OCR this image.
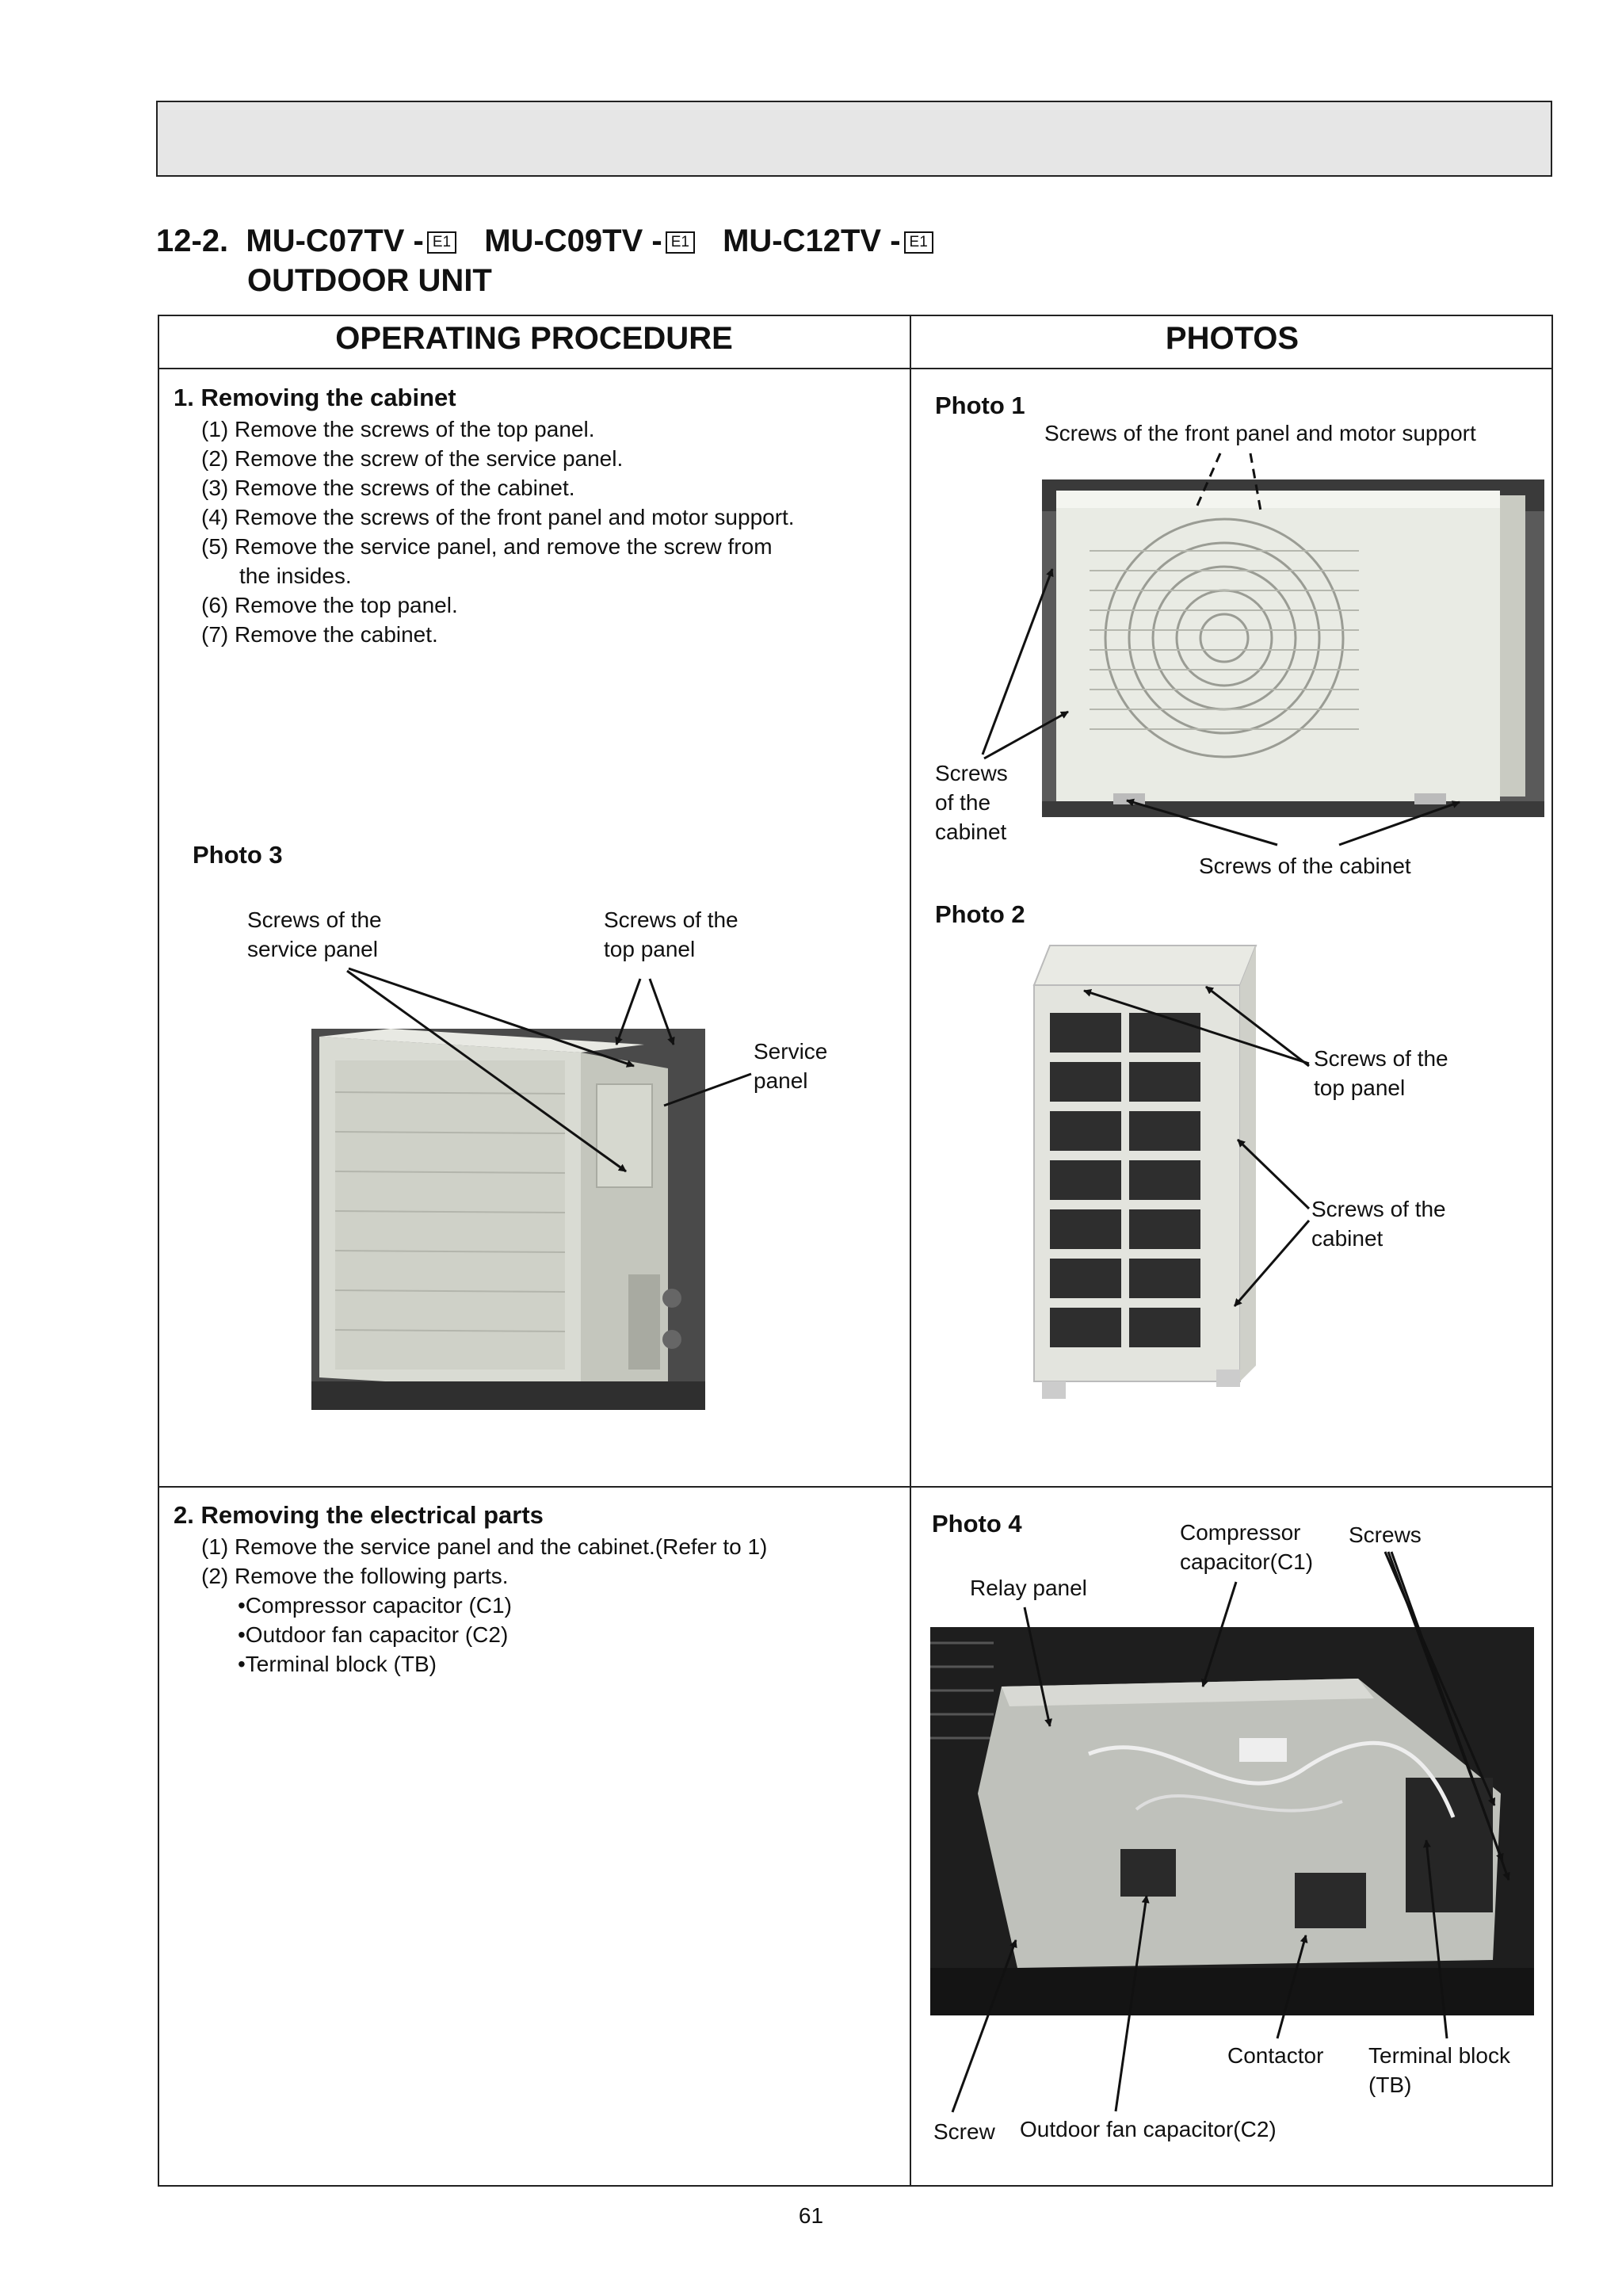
12-2. MU-C07TV - E1 MU-C09TV - E1 MU-C12TV - E1
OUTDOOR UNIT
OPERATING PROCEDURE	PHOTOS
1. Removing the cabinet
(1) Remove the screws of the top panel.
(2) Remove the screw of the service panel.
(3) Remove the screws of the cabinet.
(4) Remove the screws of the front panel and motor support.
(5) Remove the service panel, and remove the screw from
the insides.
(6) Remove the top panel.
(7) Remove the cabinet.
Photo 1
Screws of the front panel and motor support
Screws
of the
cabinet
Screws of the cabinet
Photo 3
Screws of the
service panel
Screws of the
top panel
Service
panel
Photo 2
Screws of the
top panel
Screws of the
cabinet
2. Removing the electrical parts
(1) Remove the service panel and the cabinet.(Refer to 1)
(2) Remove the following parts.
•Compressor capacitor (C1)
•Outdoor fan capacitor (C2)
•Terminal block (TB)
Photo 4	Compressor
capacitor(C1)
Screws
Relay panel
Contactor Terminal block
(TB)
Screw Outdoor fan capacitor(C2)
61
